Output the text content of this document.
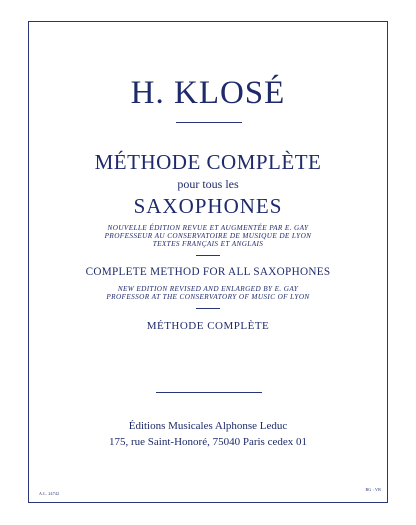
H. KLOSÉ
MÉTHODE COMPLÈTE
pour tous les
SAXOPHONES
NOUVELLE ÉDITION REVUE ET AUGMENTÉE PAR E. GAY
PROFESSEUR AU CONSERVATOIRE DE MUSIQUE DE LYON
TEXTES FRANÇAIS ET ANGLAIS
COMPLETE METHOD FOR ALL SAXOPHONES
NEW EDITION REVISED AND ENLARGED BY E. GAY
PROFESSOR AT THE CONSERVATORY OF MUSIC OF LYON
MÉTHODE COMPLÈTE
Éditions Musicales Alphonse Leduc
175, rue Saint-Honoré, 75040 Paris cedex 01
A.L. 24742
BG : VB
